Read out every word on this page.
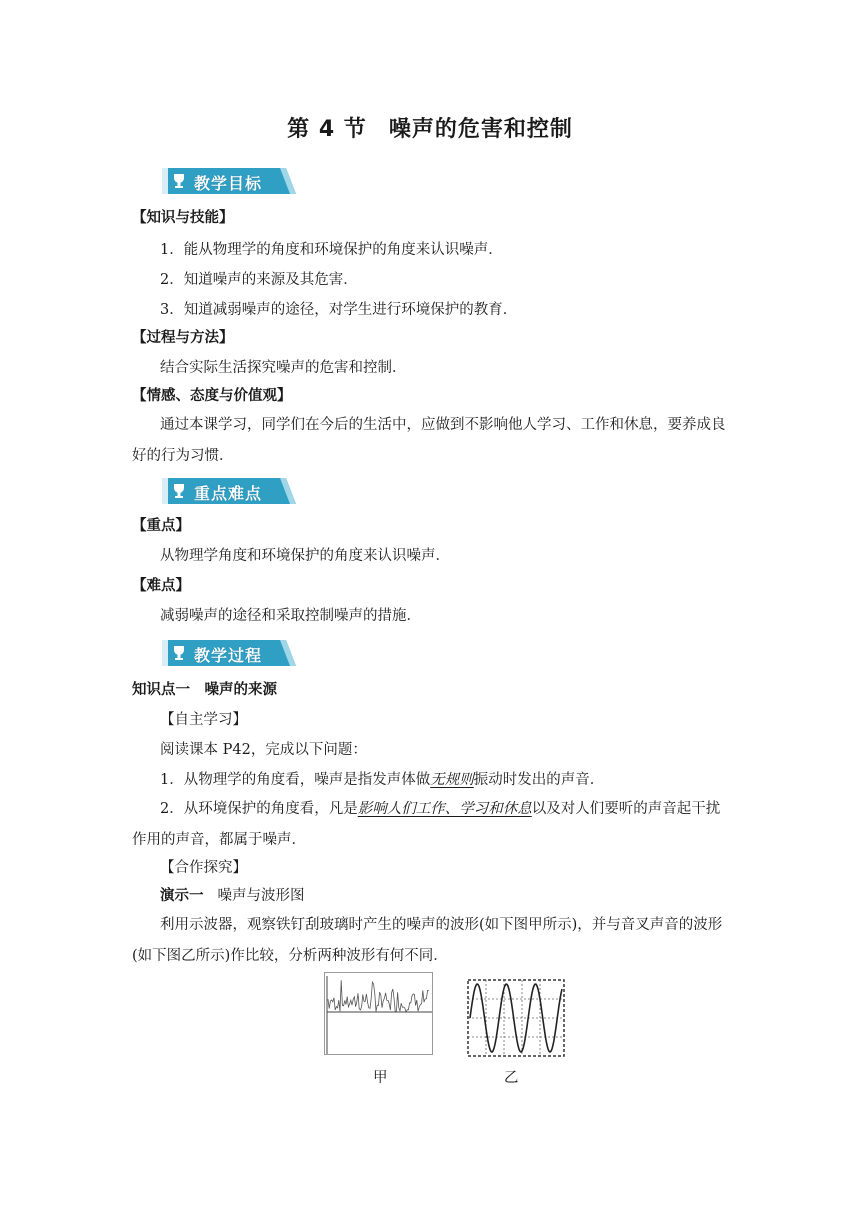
第 4 节 噪声的危害和控制
教学目标
【知识与技能】
1．能从物理学的角度和环境保护的角度来认识噪声．
2．知道噪声的来源及其危害．
3．知道减弱噪声的途径，对学生进行环境保护的教育．
【过程与方法】
结合实际生活探究噪声的危害和控制．
【情感、态度与价值观】
通过本课学习，同学们在今后的生活中，应做到不影响他人学习、工作和休息，要养成良好的行为习惯．
重点难点
【重点】
从物理学角度和环境保护的角度来认识噪声．
【难点】
减弱噪声的途径和采取控制噪声的措施．
教学过程
知识点一　噪声的来源
【自主学习】
阅读课本 P42，完成以下问题：
1．从物理学的角度看，噪声是指发声体做无规则振动时发出的声音．
2．从环境保护的角度看，凡是影响人们工作、学习和休息以及对人们要听的声音起干扰作用的声音，都属于噪声．
【合作探究】
演示一 噪声与波形图
利用示波器，观察铁钉刮玻璃时产生的噪声的波形(如下图甲所示)，并与音叉声音的波形(如下图乙所示)作比较，分析两种波形有何不同．
甲	乙
